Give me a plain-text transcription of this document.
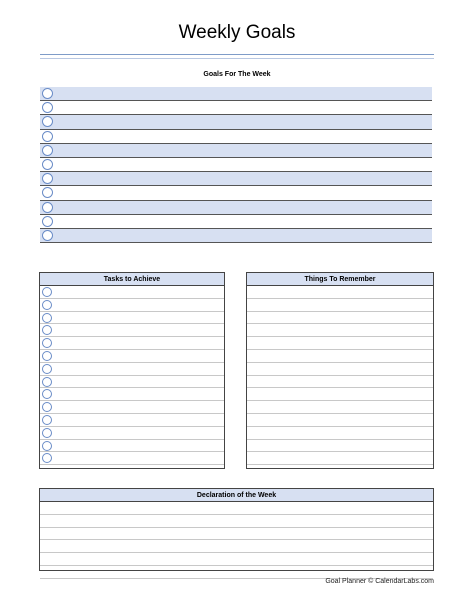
Weekly Goals
Goals For The Week
Tasks to Achieve	Things To Remember
Declaration of the Week
Goal Planner © CalendarLabs.com
